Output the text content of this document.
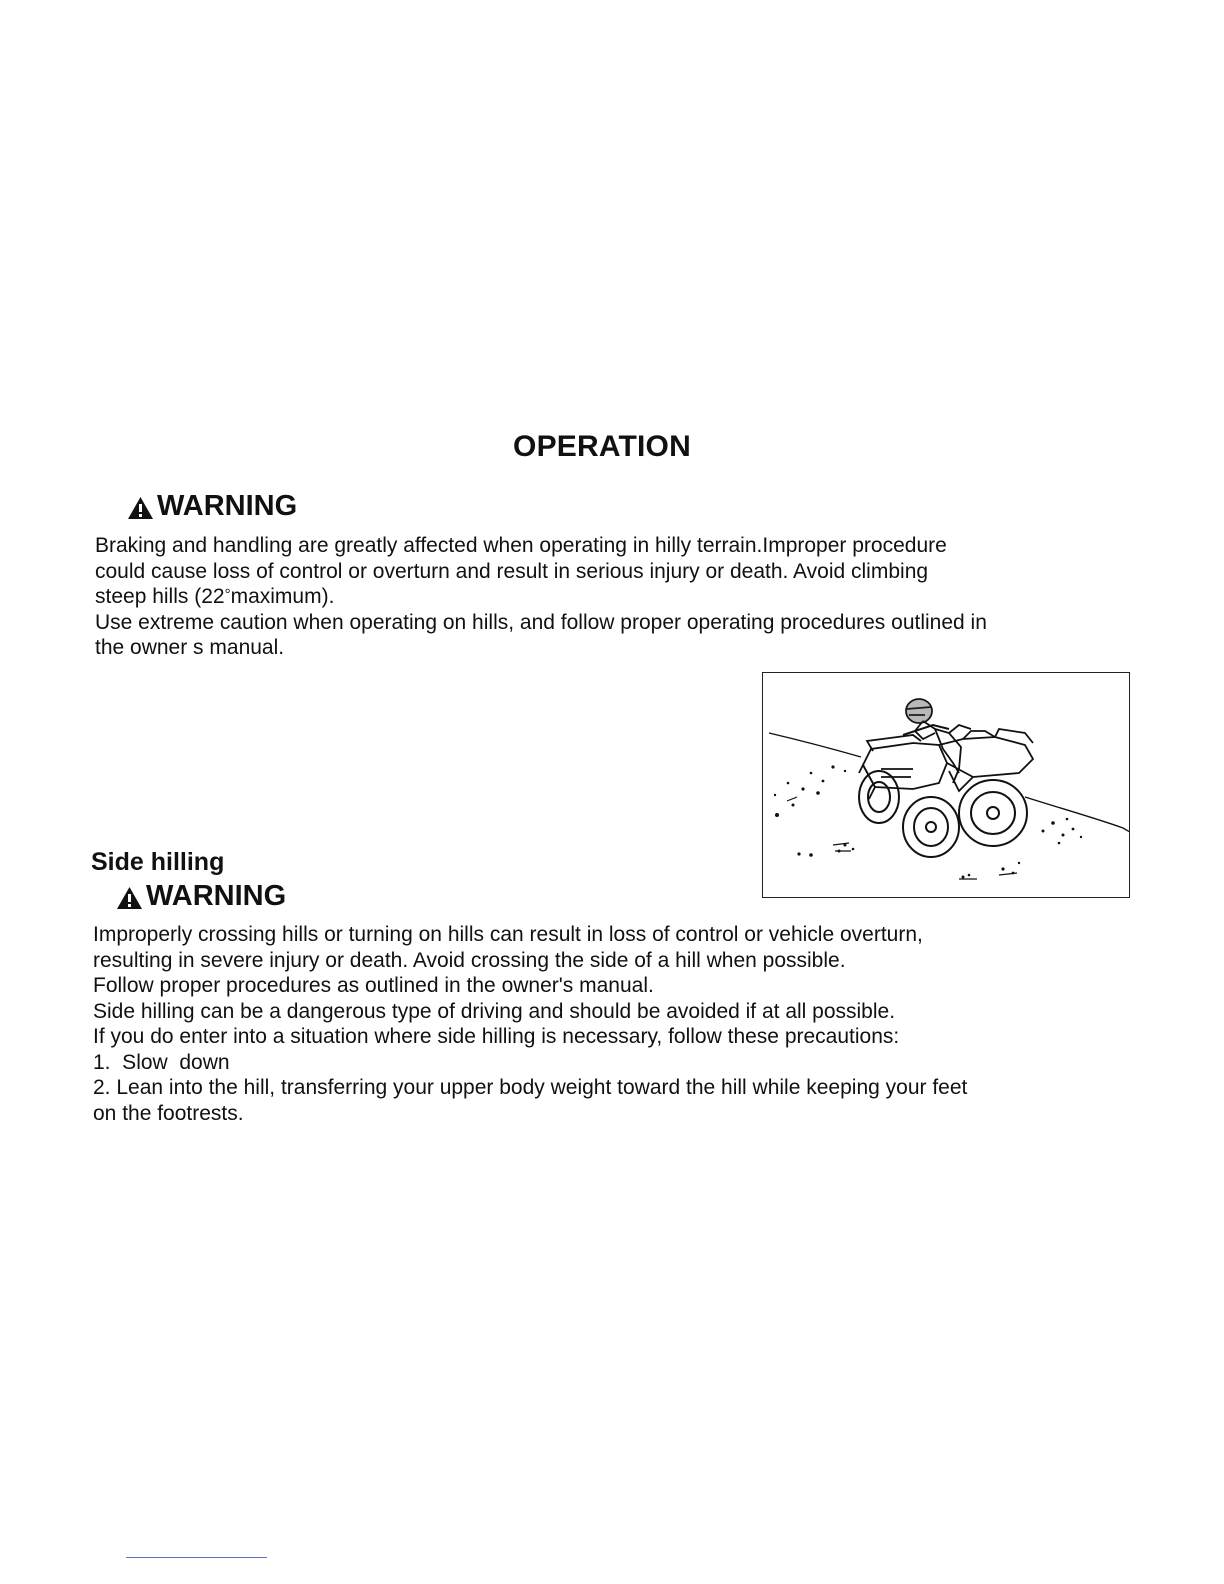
OPERATION
WARNING
Braking and handling are greatly affected when operating in hilly terrain.Improper procedure
could cause loss of control or overturn and result in serious injury or death. Avoid climbing
steep hills (22°maximum).
Use extreme caution when operating on hills, and follow proper operating procedures outlined in
the owner s manual.
Side hilling
WARNING
Improperly crossing hills or turning on hills can result in loss of control or vehicle overturn,
resulting in severe injury or death. Avoid crossing the side of a hill when possible.
Follow proper procedures as outlined in the owner's manual.
Side hilling can be a dangerous type of driving and should be avoided if at all possible.
If you do enter into a situation where side hilling is necessary, follow these precautions:
1.  Slow  down
2. Lean into the hill, transferring your upper body weight toward the hill while keeping your feet
on the footrests.
